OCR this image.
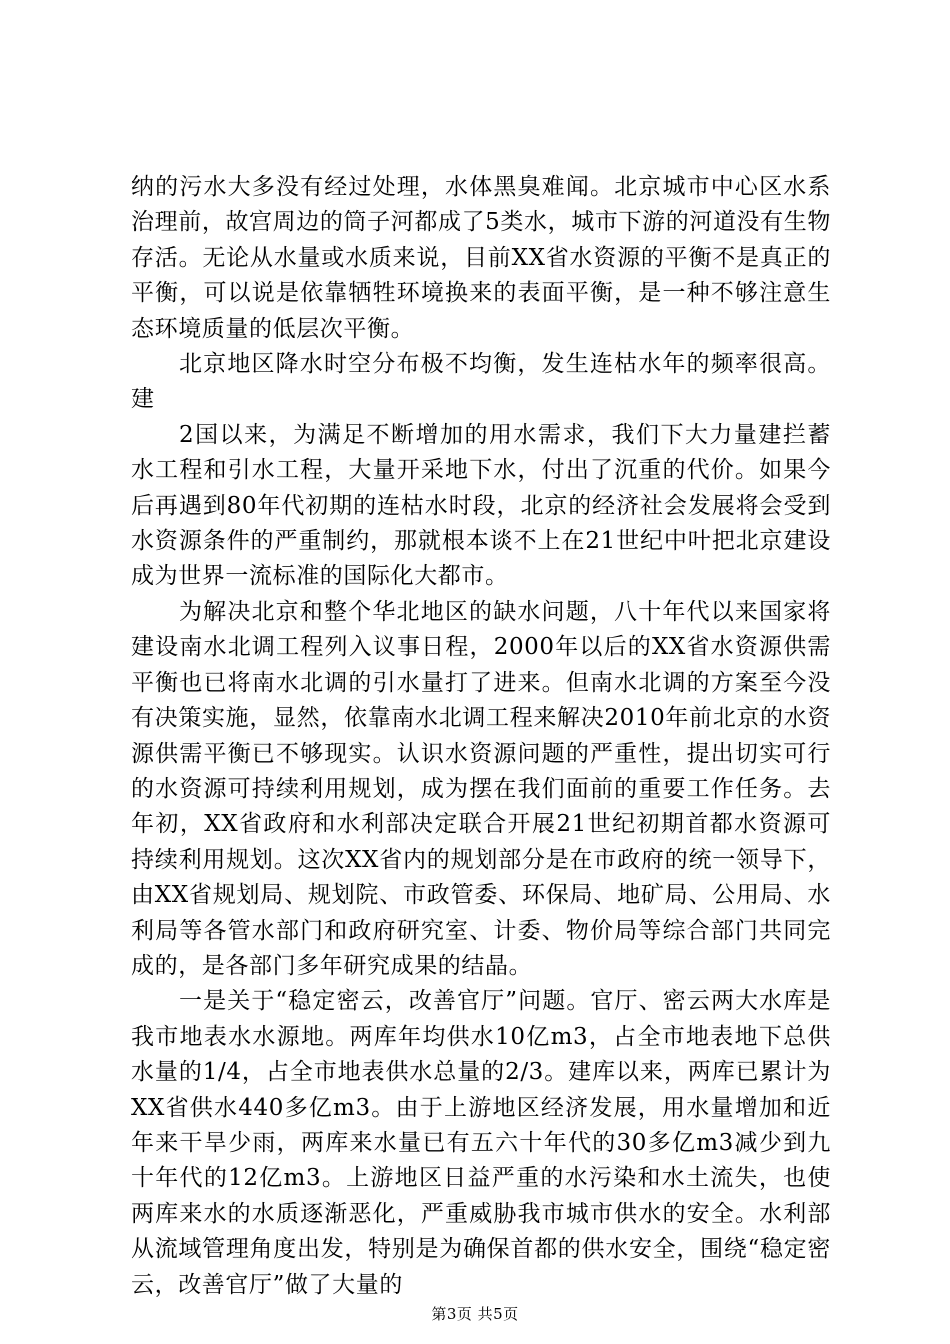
纳的污水大多没有经过处理，水体黑臭难闻。北京城市中心区水系治理前，故宫周边的筒子河都成了5类水，城市下游的河道没有生物存活。无论从水量或水质来说，目前XX省水资源的平衡不是真正的平衡，可以说是依靠牺牲环境换来的表面平衡，是一种不够注意生态环境质量的低层次平衡。

北京地区降水时空分布极不均衡，发生连枯水年的频率很高。建

2国以来，为满足不断增加的用水需求，我们下大力量建拦蓄水工程和引水工程，大量开采地下水，付出了沉重的代价。如果今后再遇到80年代初期的连枯水时段，北京的经济社会发展将会受到水资源条件的严重制约，那就根本谈不上在21世纪中叶把北京建设成为世界一流标准的国际化大都市。

为解决北京和整个华北地区的缺水问题，八十年代以来国家将建设南水北调工程列入议事日程，2000年以后的XX省水资源供需平衡也已将南水北调的引水量打了进来。但南水北调的方案至今没有决策实施，显然，依靠南水北调工程来解决2010年前北京的水资源供需平衡已不够现实。认识水资源问题的严重性，提出切实可行的水资源可持续利用规划，成为摆在我们面前的重要工作任务。去年初，XX省政府和水利部决定联合开展21世纪初期首都水资源可持续利用规划。这次XX省内的规划部分是在市政府的统一领导下，由XX省规划局、规划院、市政管委、环保局、地矿局、公用局、水利局等各管水部门和政府研究室、计委、物价局等综合部门共同完成的，是各部门多年研究成果的结晶。

一是关于“稳定密云，改善官厅”问题。官厅、密云两大水库是我市地表水水源地。两库年均供水10亿m3，占全市地表地下总供水量的1/4，占全市地表供水总量的2/3。建库以来，两库已累计为XX省供水440多亿m3。由于上游地区经济发展，用水量增加和近年来干旱少雨，两库来水量已有五六十年代的30多亿m3减少到九十年代的12亿m3。上游地区日益严重的水污染和水土流失，也使两库来水的水质逐渐恶化，严重威胁我市城市供水的安全。水利部从流域管理角度出发，特别是为确保首都的供水安全，围绕“稳定密云，改善官厅”做了大量的

第3页 共5页
